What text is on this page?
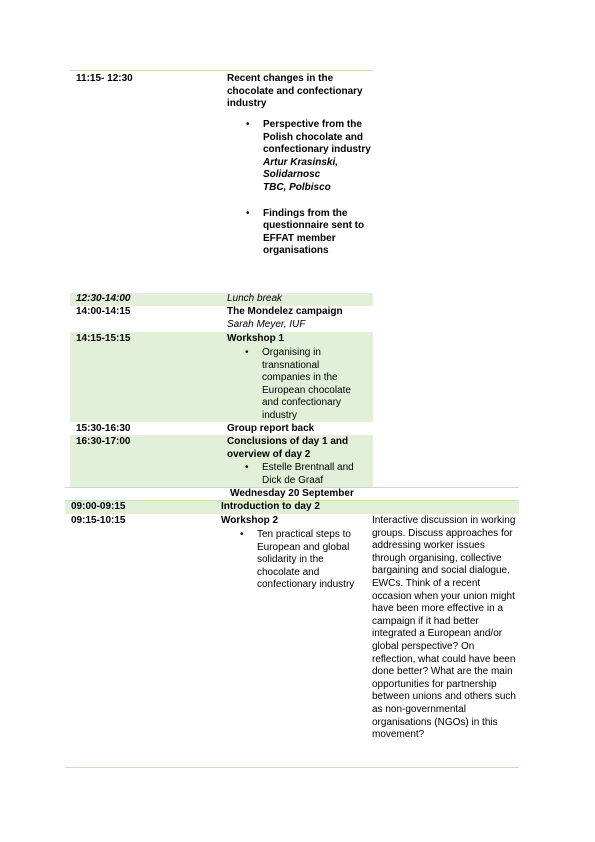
11:15- 12:30	Recent changes in the chocolate and confectionary industry
• Perspective from the Polish chocolate and confectionary industry
Artur Krasinski, Solidarnosc
TBC, Polbisco
• Findings from the questionnaire sent to EFFAT member organisations
12:30-14:00	Lunch break
14:00-14:15	The Mondelez campaign
Sarah Meyer, IUF
14:15-15:15	Workshop 1
• Organising in transnational companies in the European chocolate and confectionary industry
15:30-16:30	Group report back
16:30-17:00	Conclusions of day 1 and overview of day 2
• Estelle Brentnall and Dick de Graaf
Wednesday 20 September
09:00-09:15	Introduction to day 2
09:15-10:15	Workshop 2
• Ten practical steps to European and global solidarity in the chocolate and confectionary industry
Interactive discussion in working groups. Discuss approaches for addressing worker issues through organising, collective bargaining and social dialogue, EWCs. Think of a recent occasion when your union might have been more effective in a campaign if it had better integrated a European and/or global perspective? On reflection, what could have been done better? What are the main opportunities for partnership between unions and others such as non-governmental organisations (NGOs) in this movement?
